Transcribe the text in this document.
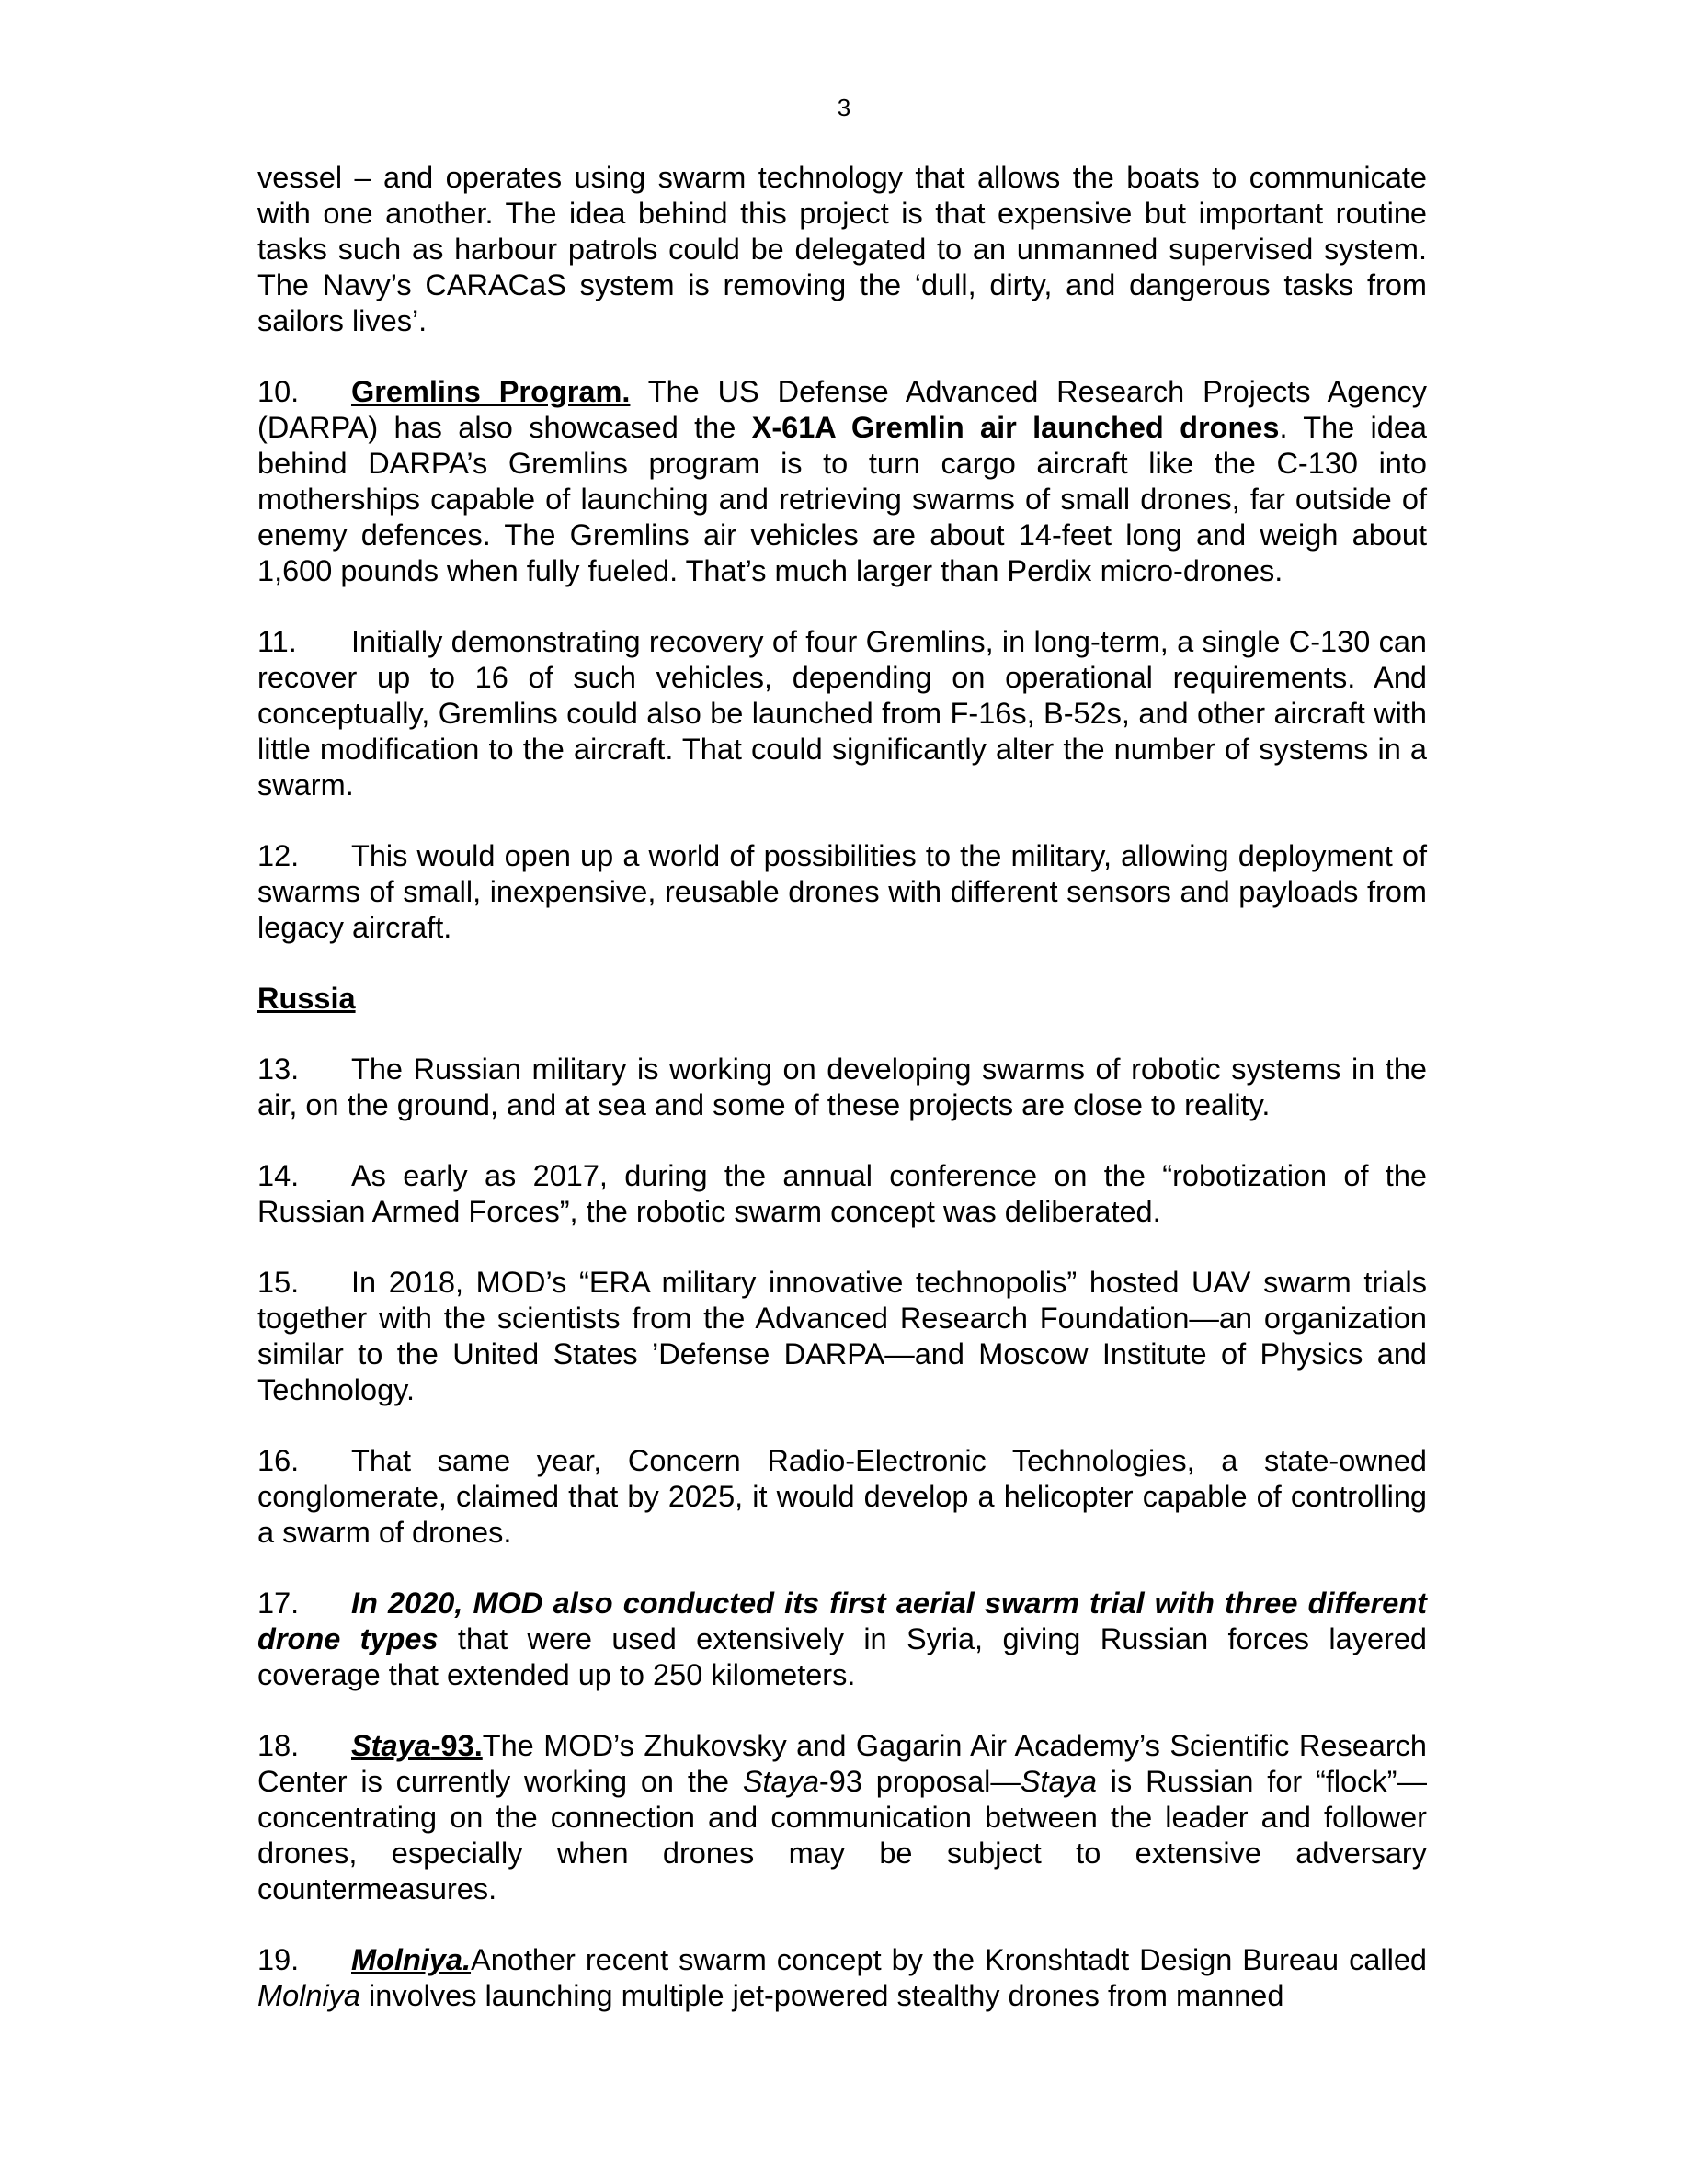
3

vessel – and operates using swarm technology that allows the boats to communicate with one another. The idea behind this project is that expensive but important routine tasks such as harbour patrols could be delegated to an unmanned supervised system. The Navy’s CARACaS system is removing the ‘dull, dirty, and dangerous tasks from sailors lives’.

10. Gremlins Program. The US Defense Advanced Research Projects Agency (DARPA) has also showcased the X-61A Gremlin air launched drones. The idea behind DARPA’s Gremlins program is to turn cargo aircraft like the C-130 into motherships capable of launching and retrieving swarms of small drones, far outside of enemy defences. The Gremlins air vehicles are about 14-feet long and weigh about 1,600 pounds when fully fueled. That’s much larger than Perdix micro-drones.

11. Initially demonstrating recovery of four Gremlins, in long-term, a single C-130 can recover up to 16 of such vehicles, depending on operational requirements. And conceptually, Gremlins could also be launched from F-16s, B-52s, and other aircraft with little modification to the aircraft. That could significantly alter the number of systems in a swarm.

12. This would open up a world of possibilities to the military, allowing deployment of swarms of small, inexpensive, reusable drones with different sensors and payloads from legacy aircraft.

Russia

13. The Russian military is working on developing swarms of robotic systems in the air, on the ground, and at sea and some of these projects are close to reality.

14. As early as 2017, during the annual conference on the “robotization of the Russian Armed Forces”, the robotic swarm concept was deliberated.

15. In 2018, MOD’s “ERA military innovative technopolis” hosted UAV swarm trials together with the scientists from the Advanced Research Foundation—an organization similar to the United States ’Defense DARPA—and Moscow Institute of Physics and Technology.

16. That same year, Concern Radio-Electronic Technologies, a state-owned conglomerate, claimed that by 2025, it would develop a helicopter capable of controlling a swarm of drones.

17. In 2020, MOD also conducted its first aerial swarm trial with three different drone types that were used extensively in Syria, giving Russian forces layered coverage that extended up to 250 kilometers.

18. Staya-93.The MOD’s Zhukovsky and Gagarin Air Academy’s Scientific Research Center is currently working on the Staya-93 proposal—Staya is Russian for “flock”—concentrating on the connection and communication between the leader and follower drones, especially when drones may be subject to extensive adversary countermeasures.

19. Molniya.Another recent swarm concept by the Kronshtadt Design Bureau called Molniya involves launching multiple jet-powered stealthy drones from manned
